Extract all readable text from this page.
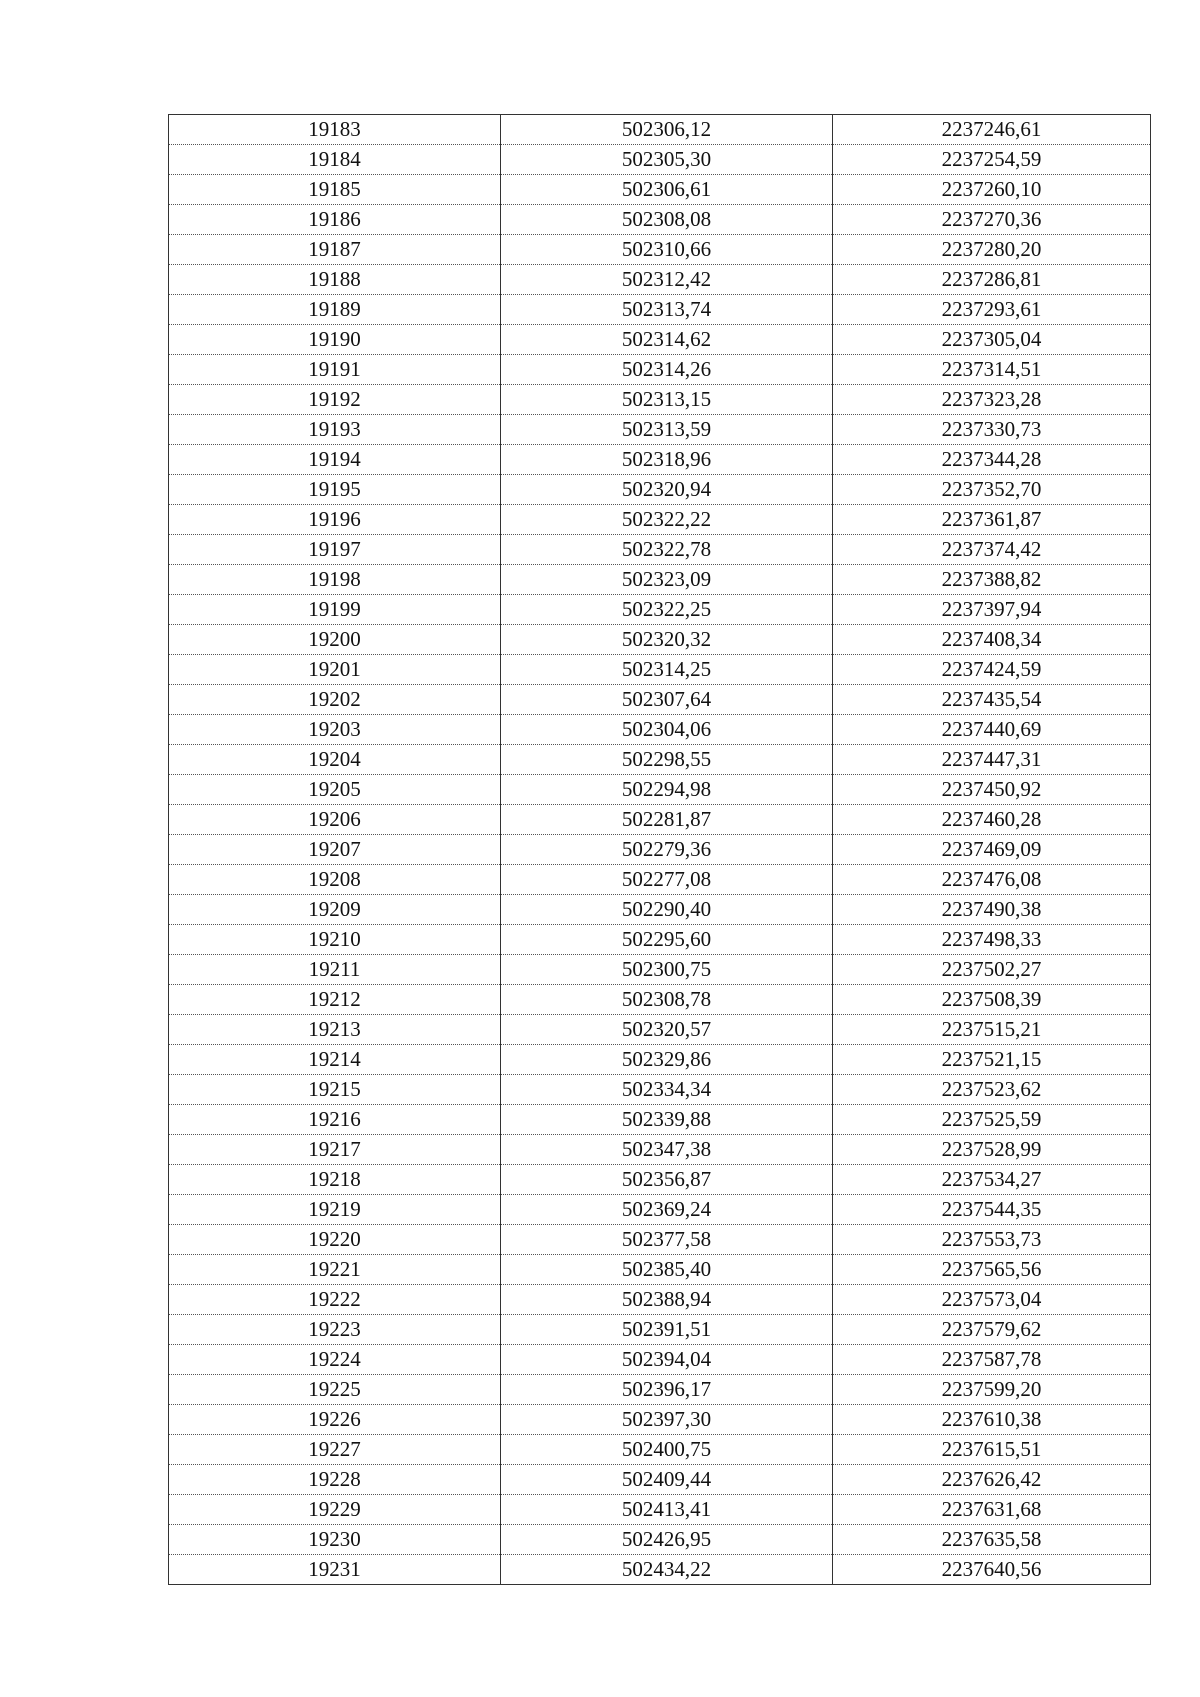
19183	502306,12	2237246,61
19184	502305,30	2237254,59
19185	502306,61	2237260,10
19186	502308,08	2237270,36
19187	502310,66	2237280,20
19188	502312,42	2237286,81
19189	502313,74	2237293,61
19190	502314,62	2237305,04
19191	502314,26	2237314,51
19192	502313,15	2237323,28
19193	502313,59	2237330,73
19194	502318,96	2237344,28
19195	502320,94	2237352,70
19196	502322,22	2237361,87
19197	502322,78	2237374,42
19198	502323,09	2237388,82
19199	502322,25	2237397,94
19200	502320,32	2237408,34
19201	502314,25	2237424,59
19202	502307,64	2237435,54
19203	502304,06	2237440,69
19204	502298,55	2237447,31
19205	502294,98	2237450,92
19206	502281,87	2237460,28
19207	502279,36	2237469,09
19208	502277,08	2237476,08
19209	502290,40	2237490,38
19210	502295,60	2237498,33
19211	502300,75	2237502,27
19212	502308,78	2237508,39
19213	502320,57	2237515,21
19214	502329,86	2237521,15
19215	502334,34	2237523,62
19216	502339,88	2237525,59
19217	502347,38	2237528,99
19218	502356,87	2237534,27
19219	502369,24	2237544,35
19220	502377,58	2237553,73
19221	502385,40	2237565,56
19222	502388,94	2237573,04
19223	502391,51	2237579,62
19224	502394,04	2237587,78
19225	502396,17	2237599,20
19226	502397,30	2237610,38
19227	502400,75	2237615,51
19228	502409,44	2237626,42
19229	502413,41	2237631,68
19230	502426,95	2237635,58
19231	502434,22	2237640,56
